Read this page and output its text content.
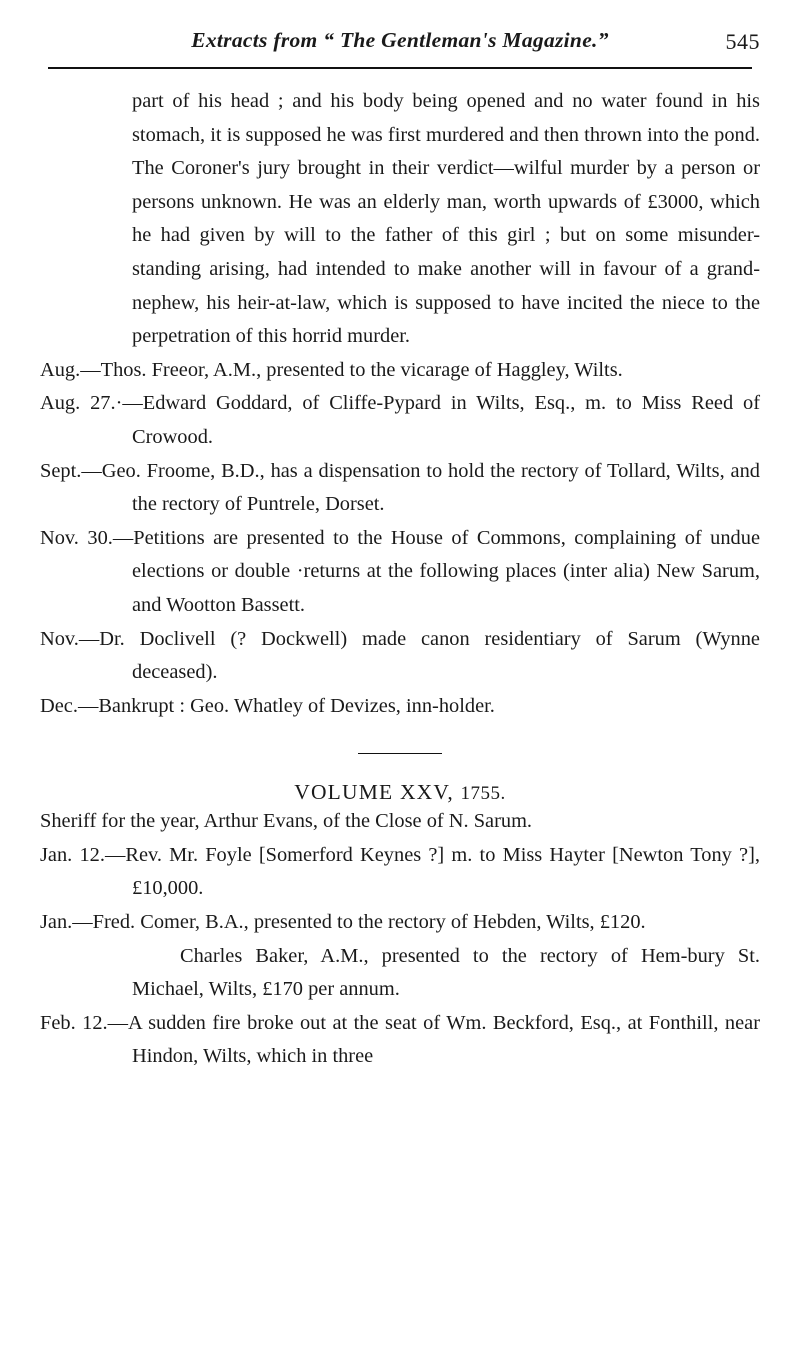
Extracts from “ The Gentleman's Magazine.”	545

part of his head ; and his body being opened and no water found in his stomach, it is supposed he was first murdered and then thrown into the pond. The Coroner's jury brought in their verdict—wilful murder by a person or persons unknown. He was an elderly man, worth upwards of £3000, which he had given by will to the father of this girl ; but on some misunder-standing arising, had intended to make another will in favour of a grand-nephew, his heir-at-law, which is supposed to have incited the niece to the perpetration of this horrid murder.

Aug.—Thos. Freeor, A.M., presented to the vicarage of Haggley, Wilts.

Aug. 27.·—Edward Goddard, of Cliffe-Pypard in Wilts, Esq., m. to Miss Reed of Crowood.

Sept.—Geo. Froome, B.D., has a dispensation to hold the rectory of Tollard, Wilts, and the rectory of Puntrele, Dorset.

Nov. 30.—Petitions are presented to the House of Commons, complaining of undue elections or double ·returns at the following places (inter alia) New Sarum, and Wootton Bassett.

Nov.—Dr. Doclivell (? Dockwell) made canon residentiary of Sarum (Wynne deceased).

Dec.—Bankrupt : Geo. Whatley of Devizes, inn-holder.

VOLUME XXV, 1755.

Sheriff for the year, Arthur Evans, of the Close of N. Sarum.

Jan. 12.—Rev. Mr. Foyle [Somerford Keynes ?] m. to Miss Hayter [Newton Tony ?], £10,000.

Jan.—Fred. Comer, B.A., presented to the rectory of Hebden, Wilts, £120.

Charles Baker, A.M., presented to the rectory of Hem-bury St. Michael, Wilts, £170 per annum.

Feb. 12.—A sudden fire broke out at the seat of Wm. Beckford, Esq., at Fonthill, near Hindon, Wilts, which in three
